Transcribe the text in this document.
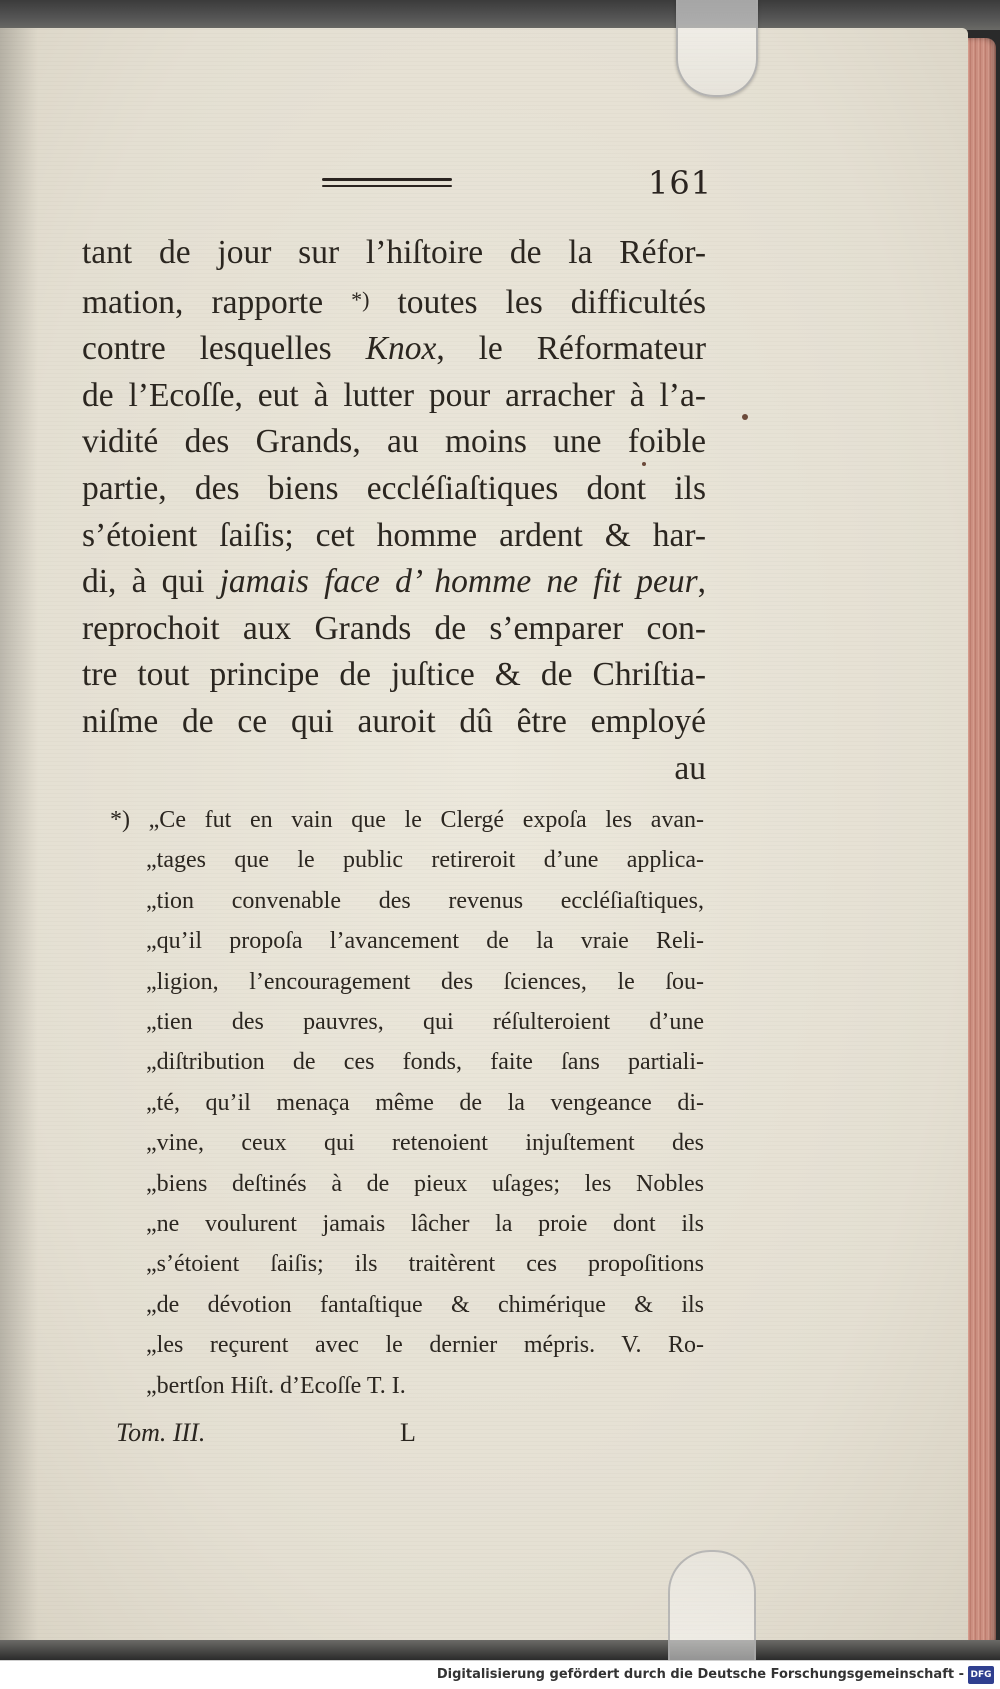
161
tant de jour sur l’hiſtoire de la Réfor-
mation, rapporte *) toutes les difficultés
contre lesquelles Knox, le Réformateur
de l’Ecoſſe, eut à lutter pour arracher à l’a-
vidité des Grands, au moins une foible
partie, des biens eccléſiaſtiques dont ils
s’étoient ſaiſis; cet homme ardent & har-
di, à qui jamais face d’ homme ne fit peur,
reprochoit aux Grands de s’emparer con-
tre tout principe de juſtice & de Chriſtia-
niſme de ce qui auroit dû être employé
au
*) „Ce fut en vain que le Clergé expoſa les avan-
„tages que le public retireroit d’une applica-
„tion convenable des revenus eccléſiaſtiques,
„qu’il propoſa l’avancement de la vraie Reli-
„ligion, l’encouragement des ſciences, le ſou-
„tien des pauvres, qui réſulteroient d’une
„diſtribution de ces fonds, faite ſans partiali-
„té, qu’il menaça même de la vengeance di-
„vine, ceux qui retenoient injuſtement des
„biens deſtinés à de pieux uſages; les Nobles
„ne voulurent jamais lâcher la proie dont ils
„s’étoient ſaiſis; ils traitèrent ces propoſitions
„de dévotion fantaſtique & chimérique & ils
„les reçurent avec le dernier mépris. V. Ro-
„bertſon Hiſt. d’Ecoſſe T. I.
Tom. III.	L
Digitalisierung gefördert durch die Deutsche Forschungsgemeinschaft - DFG
